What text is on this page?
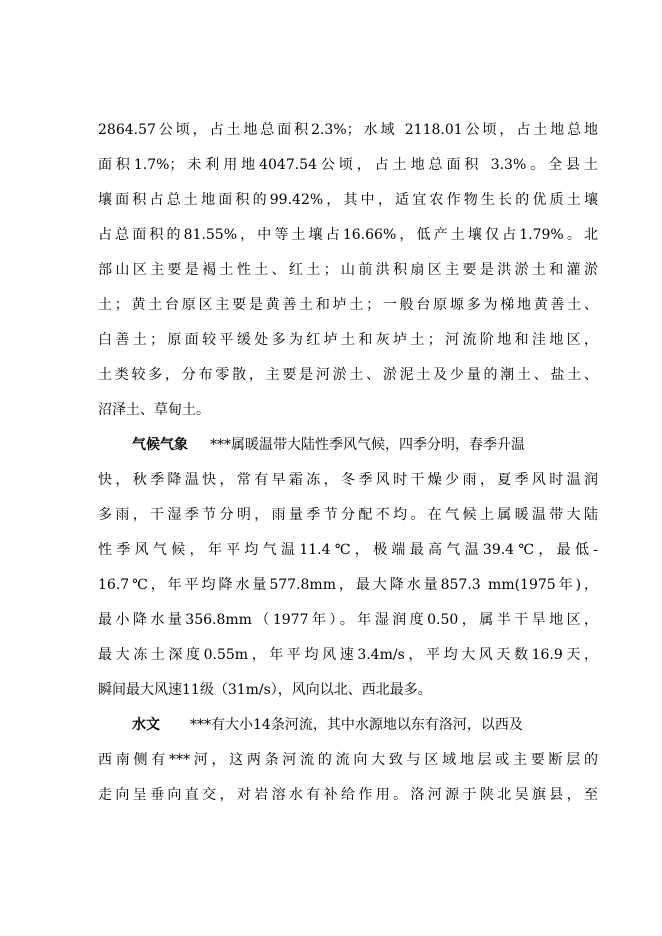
2864.57公顷，占土地总面积2.3%；水域 2118.01公顷，占土地总地
面积1.7%；未利用地4047.54公顷，占土地总面积 3.3%。全县土
壤面积占总土地面积的99.42%，其中，适宜农作物生长的优质土壤
占总面积的81.55%，中等土壤占16.66%，低产土壤仅占1.79%。北
部山区主要是褐土性土、红土；山前洪积扇区主要是洪淤土和灌淤
土；黄土台原区主要是黄善土和垆土；一般台原塬多为梯地黄善土、
白善土；原面较平缓处多为红垆土和灰垆土；河流阶地和洼地区，
土类较多，分布零散，主要是河淤土、淤泥土及少量的潮土、盐土、
沼泽土、草甸土。
气候气象 ***属暖温带大陆性季风气候，四季分明，春季升温
快，秋季降温快，常有早霜冻，冬季风时干燥少雨，夏季风时温润
多雨，干湿季节分明，雨量季节分配不均。在气候上属暖温带大陆
性季风气候，年平均气温11.4℃，极端最高气温39.4℃，最低-
16.7℃，年平均降水量577.8mm，最大降水量857.3 mm(1975年)，
最小降水量356.8mm（1977年）。年湿润度0.50，属半干旱地区，
最大冻土深度0.55m，年平均风速3.4m/s，平均大风天数16.9天，
瞬间最大风速11级（31m/s），风向以北、西北最多。
水文 ***有大小14条河流，其中水源地以东有洛河，以西及
西南侧有***河，这两条河流的流向大致与区域地层或主要断层的
走向呈垂向直交，对岩溶水有补给作用。洛河源于陕北吴旗县，至
